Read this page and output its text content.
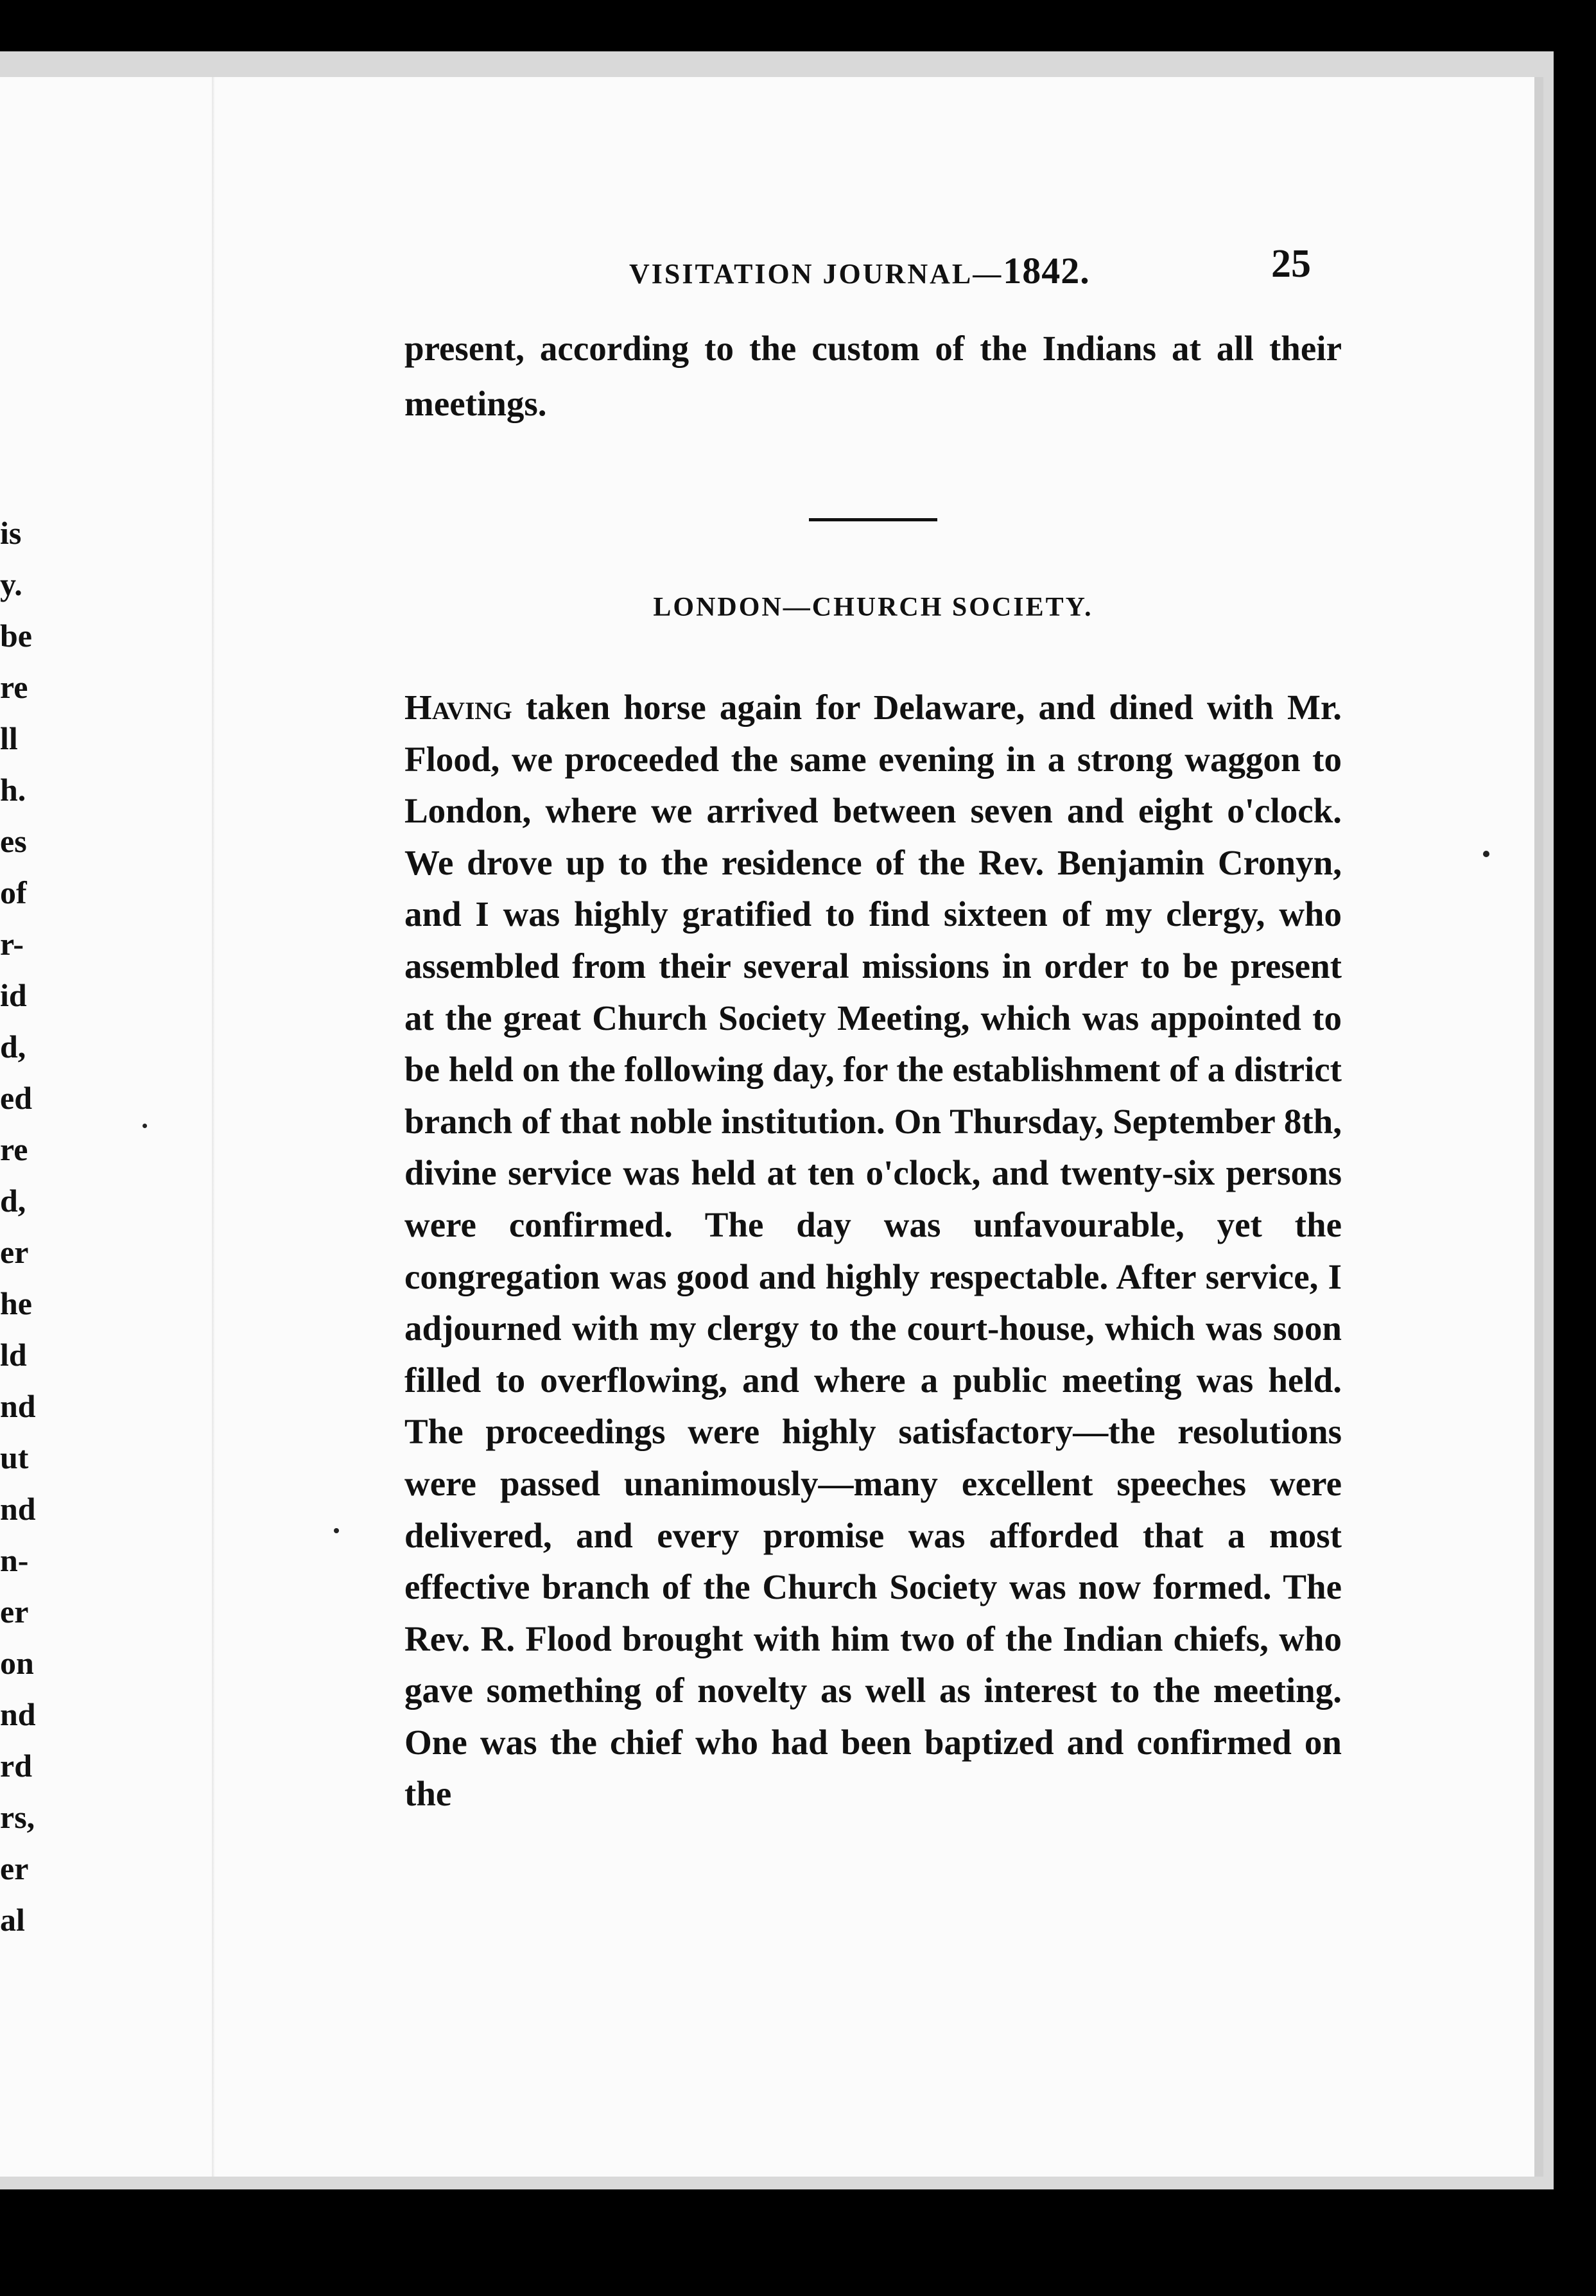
is
y.
be
re
ll
h.
es
of
r-
id
d,
ed
re
d,
er
he
ld
nd
ut
nd
n-
er
on
nd
rd
rs,
er
al
VISITATION JOURNAL—1842.	25
present, according to the custom of the Indians at all their meetings.
LONDON—CHURCH SOCIETY.
Having taken horse again for Delaware, and dined with Mr. Flood, we proceeded the same evening in a strong waggon to London, where we arrived between seven and eight o'clock. We drove up to the residence of the Rev. Benjamin Cronyn, and I was highly gratified to find sixteen of my clergy, who assembled from their several missions in order to be present at the great Church Society Meeting, which was appointed to be held on the following day, for the establishment of a district branch of that noble institution. On Thursday, September 8th, divine service was held at ten o'clock, and twenty-six persons were confirmed. The day was unfavourable, yet the congregation was good and highly respectable. After service, I adjourned with my clergy to the court-house, which was soon filled to overflowing, and where a public meeting was held. The proceedings were highly satisfactory—the resolutions were passed unanimously—many excellent speeches were delivered, and every promise was afforded that a most effective branch of the Church Society was now formed. The Rev. R. Flood brought with him two of the Indian chiefs, who gave something of novelty as well as interest to the meeting. One was the chief who had been baptized and confirmed on the
